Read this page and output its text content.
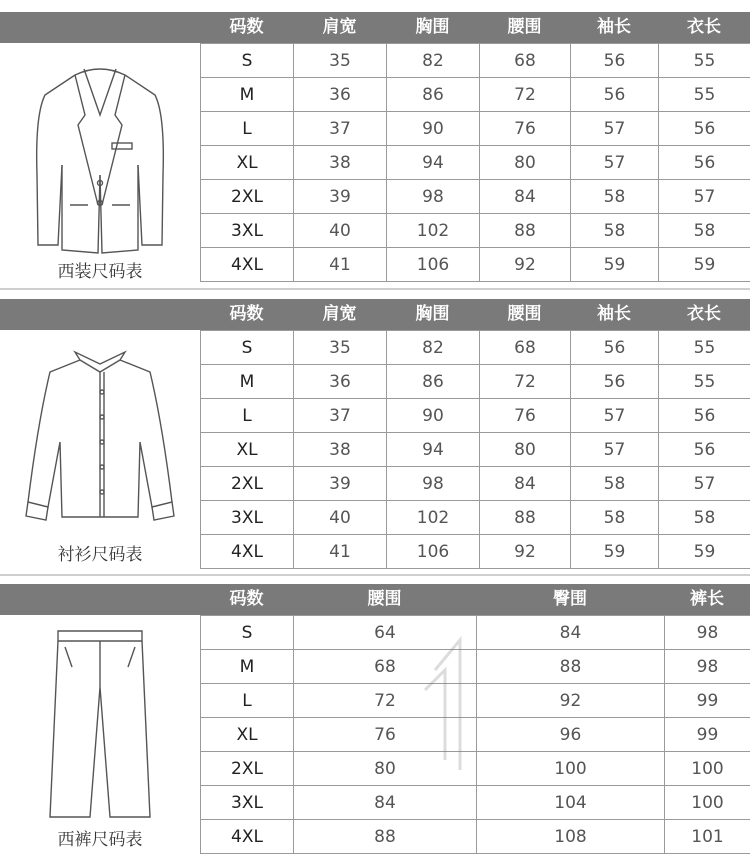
码数	肩宽	胸围	腰围	袖长	衣长
西装尺码表
S	35	82	68	56	55
M	36	86	72	56	55
L	37	90	76	57	56
XL	38	94	80	57	56
2XL	39	98	84	58	57
3XL	40	102	88	58	58
4XL	41	106	92	59	59
码数	肩宽	胸围	腰围	袖长	衣长
衬衫尺码表
S	35	82	68	56	55
M	36	86	72	56	55
L	37	90	76	57	56
XL	38	94	80	57	56
2XL	39	98	84	58	57
3XL	40	102	88	58	58
4XL	41	106	92	59	59
码数	腰围	臀围	裤长
西裤尺码表
S	64	84	98
M	68	88	98
L	72	92	99
XL	76	96	99
2XL	80	100	100
3XL	84	104	100
4XL	88	108	101
